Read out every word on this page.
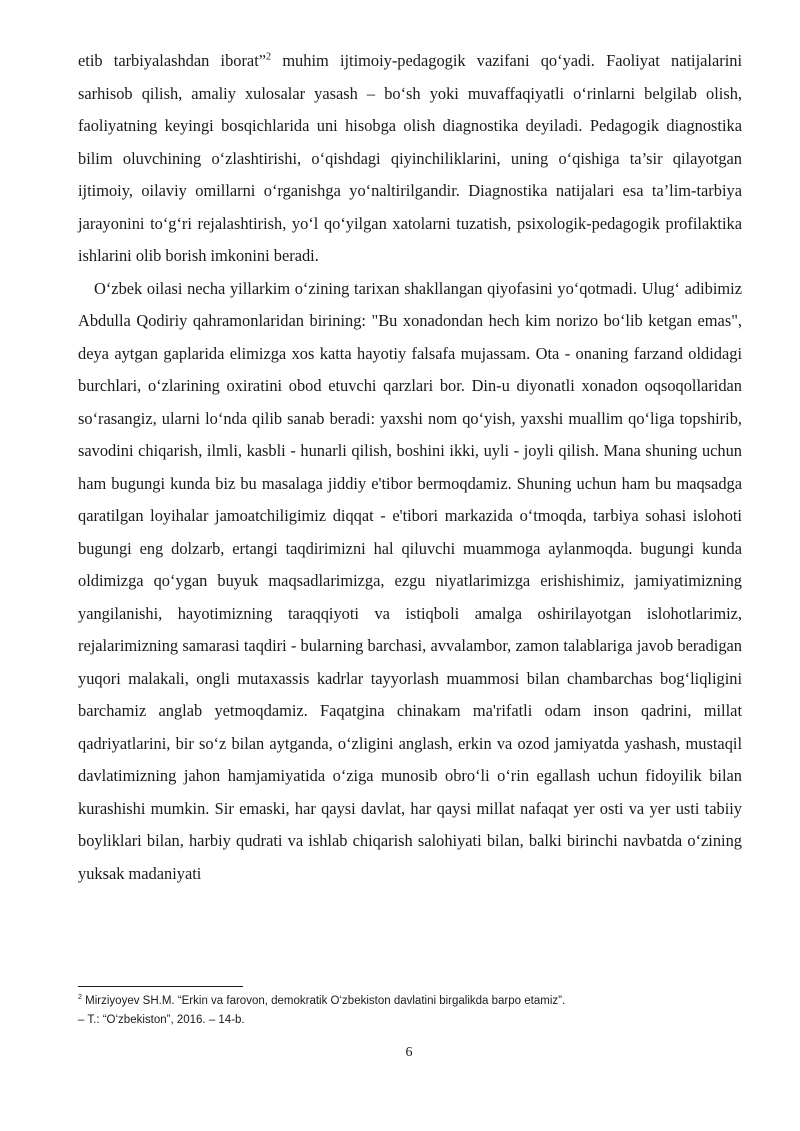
etib tarbiyalashdan iborat”$^2$ muhim ijtimoiy-pedagogik vazifani qo‘yadi. Faoliyat natijalarini sarhisob qilish, amaliy xulosalar yasash – bo‘sh yoki muvaffaqiyatli o‘rinlarni belgilab olish, faoliyatning keyingi bosqichlarida uni hisobga olish diagnostika deyiladi. Pedagogik diagnostika bilim oluvchining o‘zlashtirishi, o‘qishdagi qiyinchiliklarini, uning o‘qishiga ta’sir qilayotgan ijtimoiy, oilaviy omillarni o‘rganishga yo‘naltirilgandir. Diagnostika natijalari esa ta’lim-tarbiya jarayonini to‘g‘ri rejalashtirish, yo‘l qo‘yilgan xatolarni tuzatish, psixologik-pedagogik profilaktika ishlarini olib borish imkonini beradi.

O‘zbek oilasi necha yillarkim o‘zining tarixan shakllangan qiyofasini yo‘qotmadi. Ulug‘ adibimiz Abdulla Qodiriy qahramonlaridan birining: "Bu xonadondan hech kim norizo bo‘lib ketgan emas", deya aytgan gaplarida elimizga xos katta hayotiy falsafa mujassam. Ota - onaning farzand oldidagi burchlari, o‘zlarining oxiratini obod etuvchi qarzlari bor. Din-u diyonatli xonadon oqsoqollaridan so‘rasangiz, ularni lo‘nda qilib sanab beradi: yaxshi nom qo‘yish, yaxshi muallim qo‘liga topshirib, savodini chiqarish, ilmli, kasbli - hunarli qilish, boshini ikki, uyli - joyli qilish. Mana shuning uchun ham bugungi kunda biz bu masalaga jiddiy e'tibor bermoqdamiz. Shuning uchun ham bu maqsadga qaratilgan loyihalar jamoatchiligimiz diqqat - e'tibori markazida o‘tmoqda, tarbiya sohasi islohoti bugungi eng dolzarb, ertangi taqdirimizni hal qiluvchi muammoga aylanmoqda. bugungi kunda oldimizga qo‘ygan buyuk maqsadlarimizga, ezgu niyatlarimizga erishishimiz, jamiyatimizning yangilanishi, hayotimizning taraqqiyoti va istiqboli amalga oshirilayotgan islohotlarimiz, rejalarimizning samarasi taqdiri - bularning barchasi, avvalambor, zamon talablariga javob beradigan yuqori malakali, ongli mutaxassis kadrlar tayyorlash muammosi bilan chambarchas bog‘liqligini barchamiz anglab yetmoqdamiz. Faqatgina chinakam ma'rifatli odam inson qadrini, millat qadriyatlarini, bir so‘z bilan aytganda, o‘zligini anglash, erkin va ozod jamiyatda yashash, mustaqil davlatimizning jahon hamjamiyatida o‘ziga munosib obro‘li o‘rin egallash uchun fidoyilik bilan kurashishi mumkin. Sir emaski, har qaysi davlat, har qaysi millat nafaqat yer osti va yer usti tabiiy boyliklari bilan, harbiy qudrati va ishlab chiqarish salohiyati bilan, balki birinchi navbatda o‘zining yuksak madaniyati

$^2$ Mirziyoyev SH.M. “Erkin va farovon, demokratik O‘zbekiston davlatini birgalikda barpo etamiz”.
– T.: “O‘zbekiston”, 2016. – 14-b.
6
